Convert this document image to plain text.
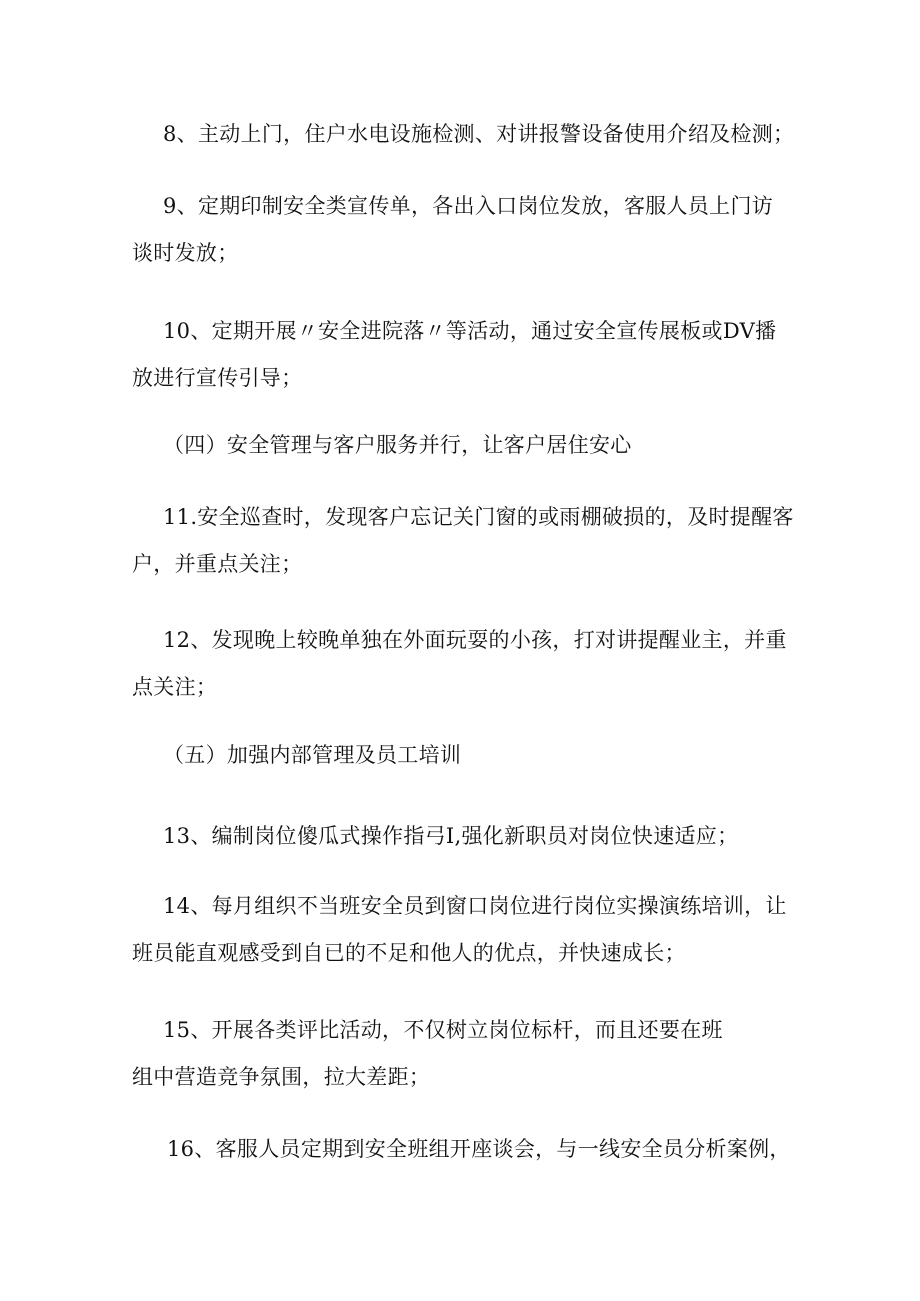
8、主动上门，住户水电设施检测、对讲报警设备使用介绍及检测；

9、定期印制安全类宣传单，各出入口岗位发放，客服人员上门访
谈时发放；

10、定期开展〃安全进院落〃等活动，通过安全宣传展板或DV播
放进行宣传引导；

（四）安全管理与客户服务并行，让客户居住安心

11.安全巡查时，发现客户忘记关门窗的或雨棚破损的，及时提醒客
户，并重点关注；

12、发现晚上较晚单独在外面玩耍的小孩，打对讲提醒业主，并重
点关注；

（五）加强内部管理及员工培训

13、编制岗位傻瓜式操作指弓I,强化新职员对岗位快速适应；

14、每月组织不当班安全员到窗口岗位进行岗位实操演练培训，让
班员能直观感受到自已的不足和他人的优点，并快速成长；

15、开展各类评比活动，不仅树立岗位标杆，而且还要在班
组中营造竞争氛围，拉大差距；

16、客服人员定期到安全班组开座谈会，与一线安全员分析案例，
